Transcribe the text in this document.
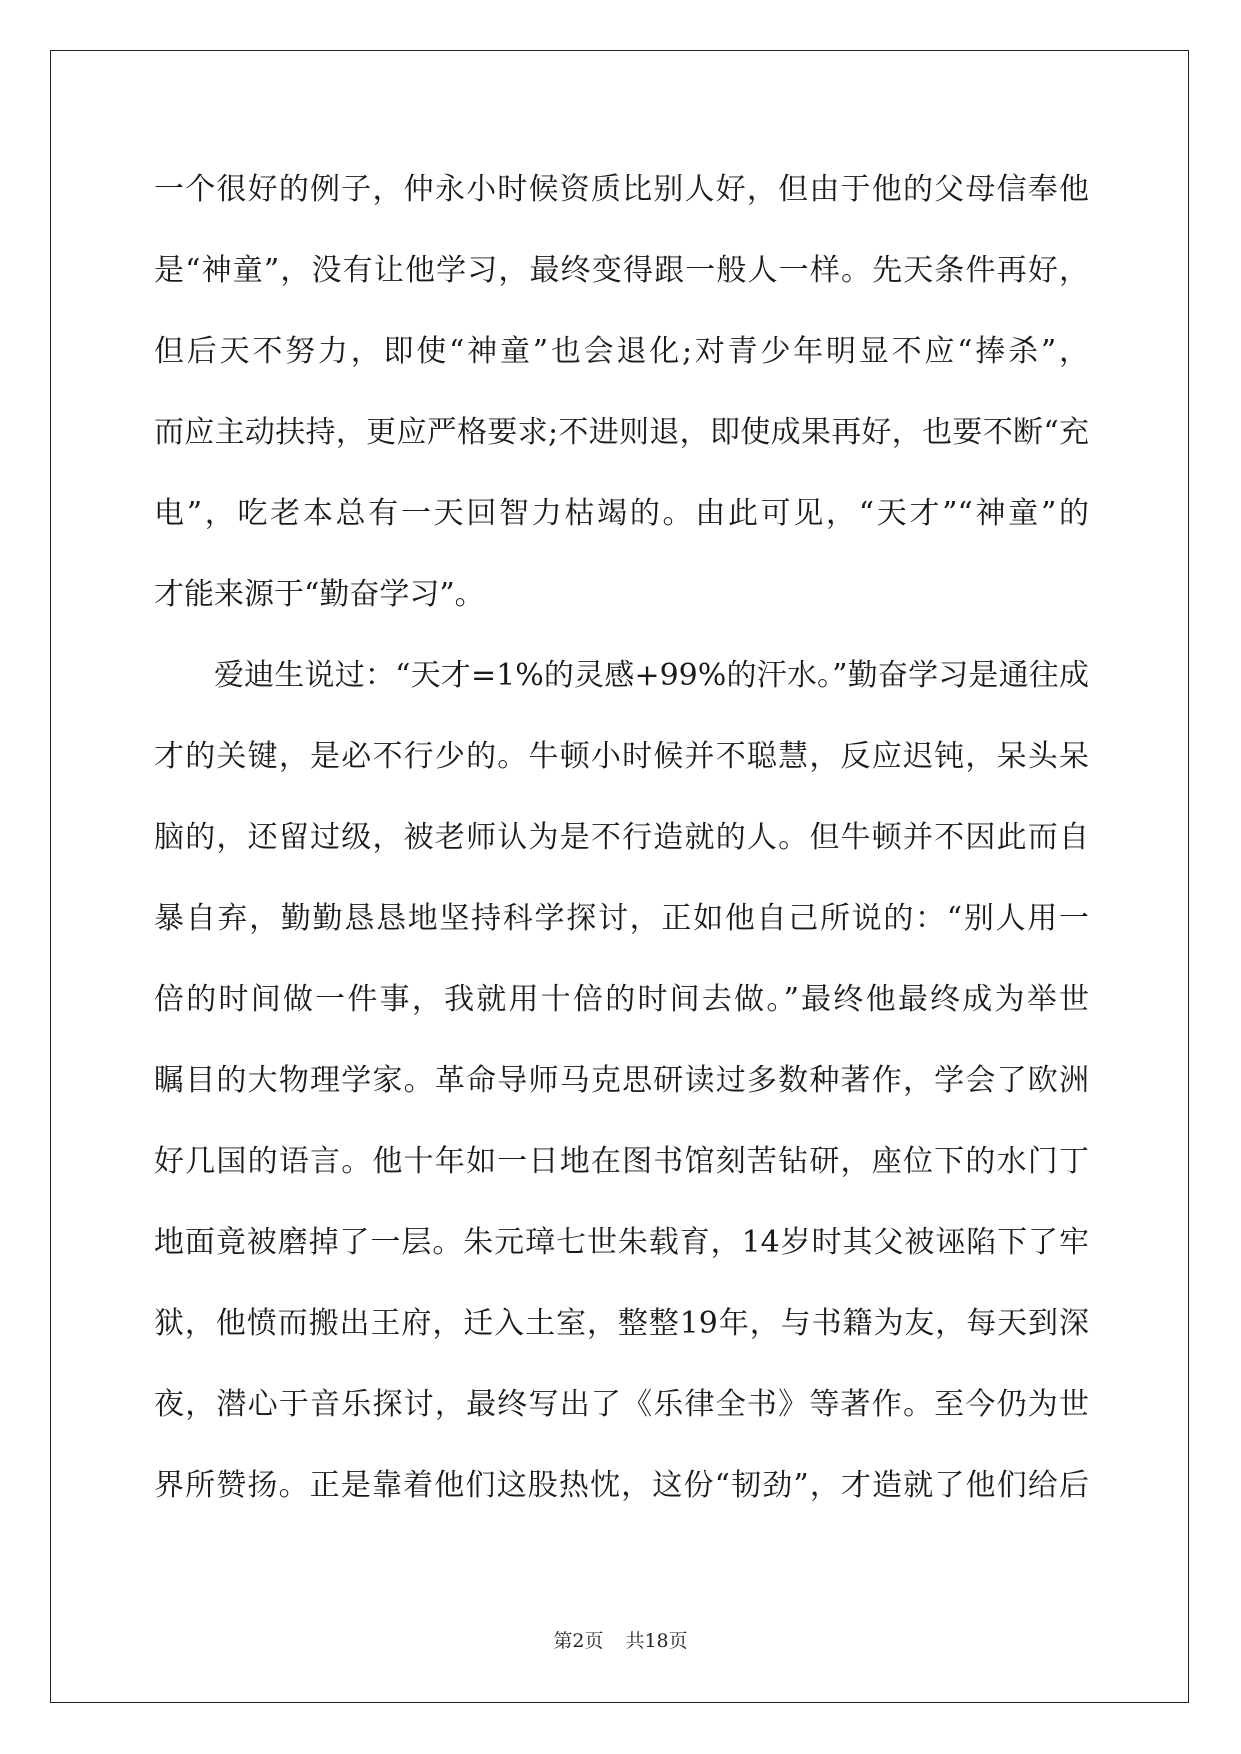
一个很好的例子，仲永小时候资质比别人好，但由于他的父母信奉他
是“神童”，没有让他学习，最终变得跟一般人一样。先天条件再好，
但后天不努力，即使“神童”也会退化;对青少年明显不应“捧杀”，
而应主动扶持，更应严格要求;不进则退，即使成果再好，也要不断“充
电”，吃老本总有一天回智力枯竭的。由此可见，“天才”“神童”的
才能来源于“勤奋学习”。
爱迪生说过：“天才=1%的灵感+99%的汗水。”勤奋学习是通往成
才的关键，是必不行少的。牛顿小时候并不聪慧，反应迟钝，呆头呆
脑的，还留过级，被老师认为是不行造就的人。但牛顿并不因此而自
暴自弃，勤勤恳恳地坚持科学探讨，正如他自己所说的：“别人用一
倍的时间做一件事，我就用十倍的时间去做。”最终他最终成为举世
瞩目的大物理学家。革命导师马克思研读过多数种著作，学会了欧洲
好几国的语言。他十年如一日地在图书馆刻苦钻研，座位下的水门丁
地面竟被磨掉了一层。朱元璋七世朱载育，14岁时其父被诬陷下了牢
狱，他愤而搬出王府，迁入土室，整整19年，与书籍为友，每天到深
夜，潜心于音乐探讨，最终写出了《乐律全书》等著作。至今仍为世
界所赞扬。正是靠着他们这股热忱，这份“韧劲”，才造就了他们给后
第2页 共18页
